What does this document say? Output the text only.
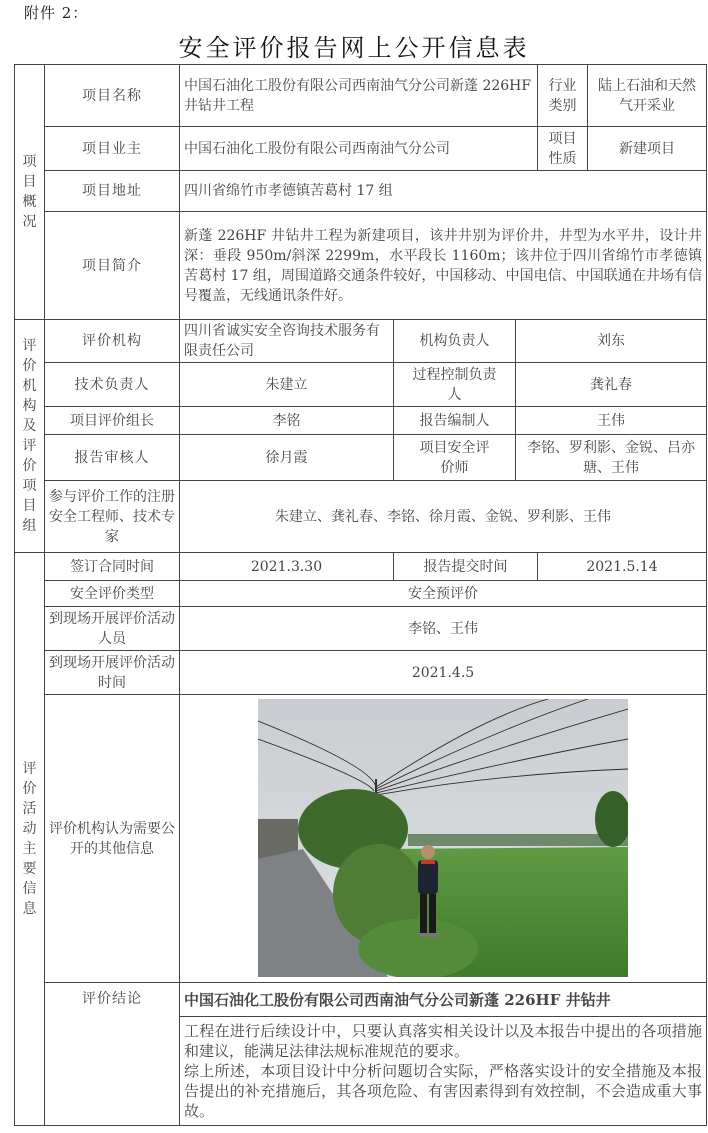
附件 2：
安全评价报告网上公开信息表
项目概况	项目名称	中国石油化工股份有限公司西南油气分公司新蓬 226HF 井钻井工程			行业类别	陆上石油和天然气开采业
	项目业主	中国石油化工股份有限公司西南油气分公司			项目性质	新建项目
	项目地址	四川省绵竹市孝德镇苦葛村 17 组				
	项目简介	新蓬 226HF 井钻井工程为新建项目，该井井别为评价井，井型为水平井，设计井深：垂段 950m/斜深 2299m，水平段长 1160m；该井位于四川省绵竹市孝德镇苦葛村 17 组，周围道路交通条件较好，中国移动、中国电信、中国联通在井场有信号覆盖，无线通讯条件好。				
评价机构及评价项目组	评价机构	四川省诚实安全咨询技术服务有限责任公司	机构负责人	刘东		
	技术负责人	朱建立	过程控制负责人	龚礼春		
	项目评价组长	李铭	报告编制人	王伟		
	报告审核人	徐月霞	项目安全评价师	李铭、罗利影、金锐、吕亦瑭、王伟		
	参与评价工作的注册安全工程师、技术专家	朱建立、龚礼春、李铭、徐月霞、金锐、罗利影、王伟				
评价活动主要信息	签订合同时间	2021.3.30	报告提交时间		2021.5.14	
	安全评价类型	安全预评价				
	到现场开展评价活动人员	李铭、王伟				
	到现场开展评价活动时间	2021.4.5				
	评价机构认为需要公开的其他信息	

	评价结论	中国石油化工股份有限公司西南油气分公司新蓬 226HF 井钻井				

		工程在进行后续设计中，只要认真落实相关设计以及本报告中提出的各项措施和建议，能满足法律法规标准规范的要求。
综上所述，本项目设计中分析问题切合实际，严格落实设计的安全措施及本报告提出的补充措施后，其各项危险、有害因素得到有效控制，不会造成重大事故。				
